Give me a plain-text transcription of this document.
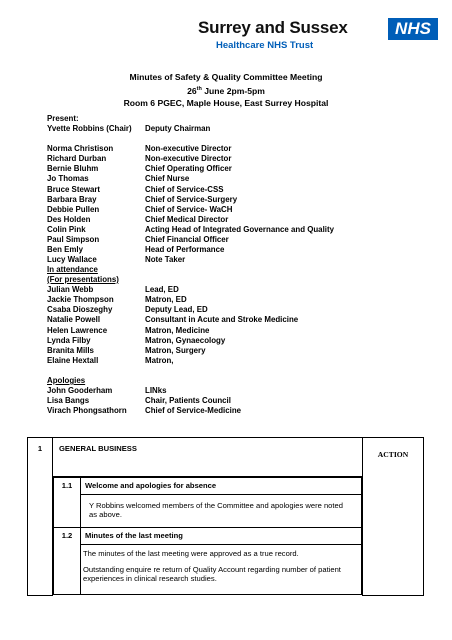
Surrey and Sussex
Healthcare NHS Trust
NHS
Minutes of Safety & Quality Committee Meeting
26th June 2pm-5pm
Room 6 PGEC, Maple House, East Surrey Hospital
Present:
Yvette Robbins (Chair)	Deputy Chairman
Norma Christison	Non-executive Director
Richard Durban	Non-executive Director
Bernie Bluhm	Chief Operating Officer
Jo Thomas	Chief Nurse
Bruce Stewart	Chief of Service-CSS
Barbara Bray	Chief of Service-Surgery
Debbie Pullen	Chief of Service- WaCH
Des Holden	Chief Medical Director
Colin Pink	Acting Head of Integrated Governance and Quality
Paul Simpson	Chief Financial Officer
Ben Emly	Head of Performance
Lucy Wallace	Note Taker
In attendance
(For presentations)
Julian Webb	Lead, ED
Jackie Thompson	Matron, ED
Csaba Dioszeghy	Deputy Lead, ED
Natalie Powell	Consultant in Acute and Stroke Medicine
Helen Lawrence	Matron, Medicine
Lynda Filby	Matron, Gynaecology
Branita Mills	Matron, Surgery
Elaine Hextall	Matron,
Apologies
John Gooderham	LINks
Lisa Bangs	Chair, Patients Council
Virach Phongsathorn	Chief of Service-Medicine
1	GENERAL BUSINESS	ACTION

1.1	Welcome and apologies for absence
Y Robbins welcomed members of the Committee and apologies were noted as above.
1.2	Minutes of the last meeting

The minutes of the last meeting were approved as a true record.

Outstanding enquire re return of Quality Account regarding number of patient experiences in clinical research studies.
